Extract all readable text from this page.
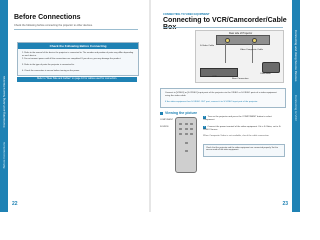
Connecting and Using Source Devices
Before Connections
Before Connections
Check the following before connecting the projector to other devices.
Check the Following Before Connecting
1. Refer to the manual of the device the projector is connected to. The number and position of ports may differ depending on each device.
2. Do not connect power until all the connections are completed. If you do so, you may damage the product.
3. Refer to the type of ports the projector is connected to.
4. Check the connection is secure before turning on the power.
Refer to "Rear Side and Cables" on page 10 for cables used for connection.
22
CONNECTING TO VIDEO EQUIPMENT
Connecting to VCR/Camcorder/Cable
Rear side of Projector
S-Video Cable
Video Composite Cable
VCR
Camcorder
Rear Connection
Connect to [VIDEO] or [S-VIDEO] input ports of the projector via the VIDEO or S-VIDEO ports of a video equipment using the video cable.
If the video equipment has S-VIDEO OUT port, connect it to S-VIDEO input port of the projector.
Viewing the picture
COMPONENT
SOURCE
1 Turn on the projector and press the COMPONENT button to select Component.
2 Connect the power terminal of the video equipment. If it is S-Video, set to S-VIDEO Source.
When Composite Video is not available, check the cable connection.
Check that the projector and the video equipment are connected properly. Set the source mode of the video equipment.
23
Connecting and Using Source Devices
Connecting to VCR
